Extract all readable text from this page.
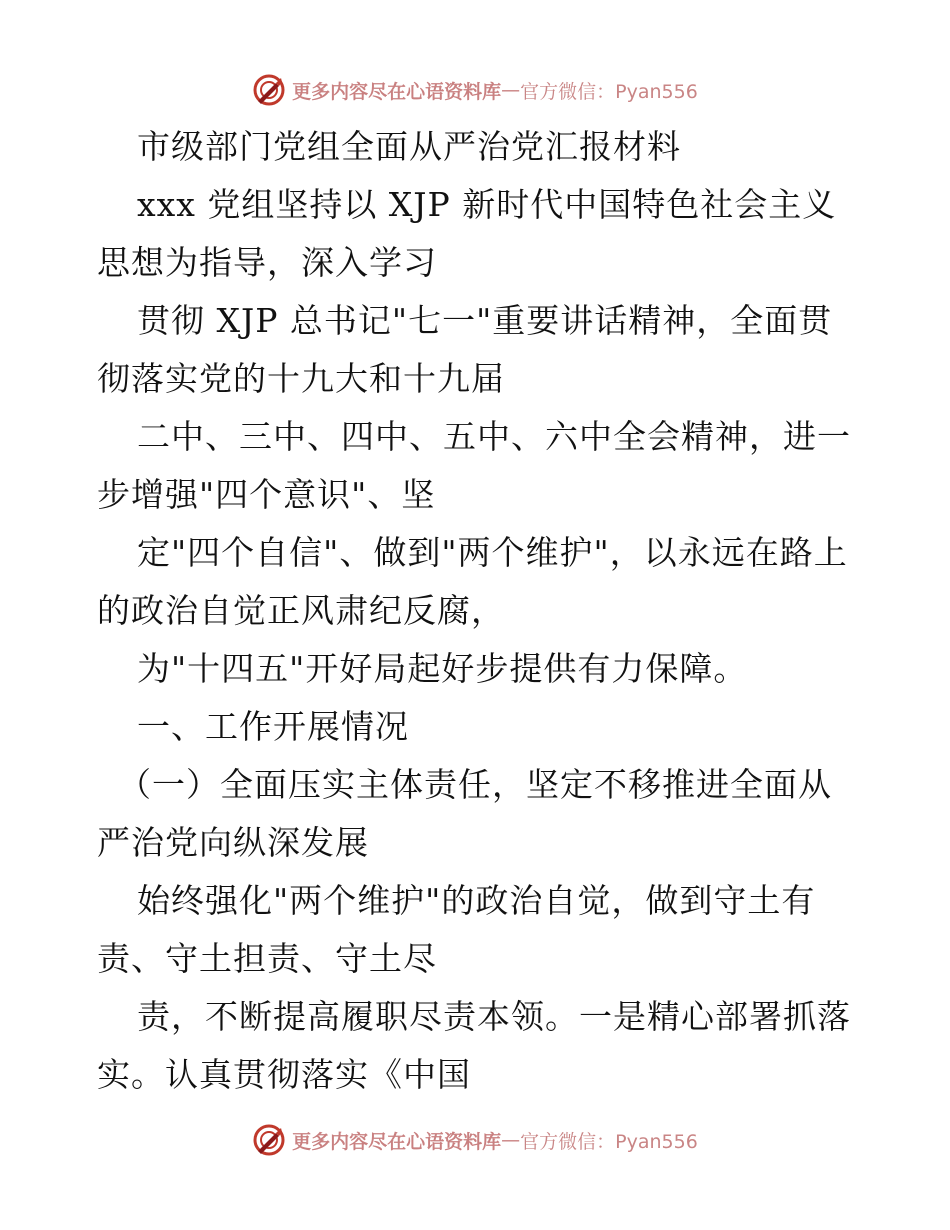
更多内容尽在心语资料库 — 官方微信：Pyan556
市级部门党组全面从严治党汇报材料
xxx 党组坚持以 XJP 新时代中国特色社会主义
思想为指导，深入学习
贯彻 XJP 总书记"七一"重要讲话精神，全面贯
彻落实党的十九大和十九届
二中、三中、四中、五中、六中全会精神，进一
步增强"四个意识"、坚
定"四个自信"、做到"两个维护"，以永远在路上
的政治自觉正风肃纪反腐，
为"十四五"开好局起好步提供有力保障。
一、工作开展情况
（一）全面压实主体责任，坚定不移推进全面从
严治党向纵深发展
始终强化"两个维护"的政治自觉，做到守土有
责、守土担责、守土尽
责，不断提高履职尽责本领。一是精心部署抓落
实。认真贯彻落实《中国
更多内容尽在心语资料库 — 官方微信：Pyan556
